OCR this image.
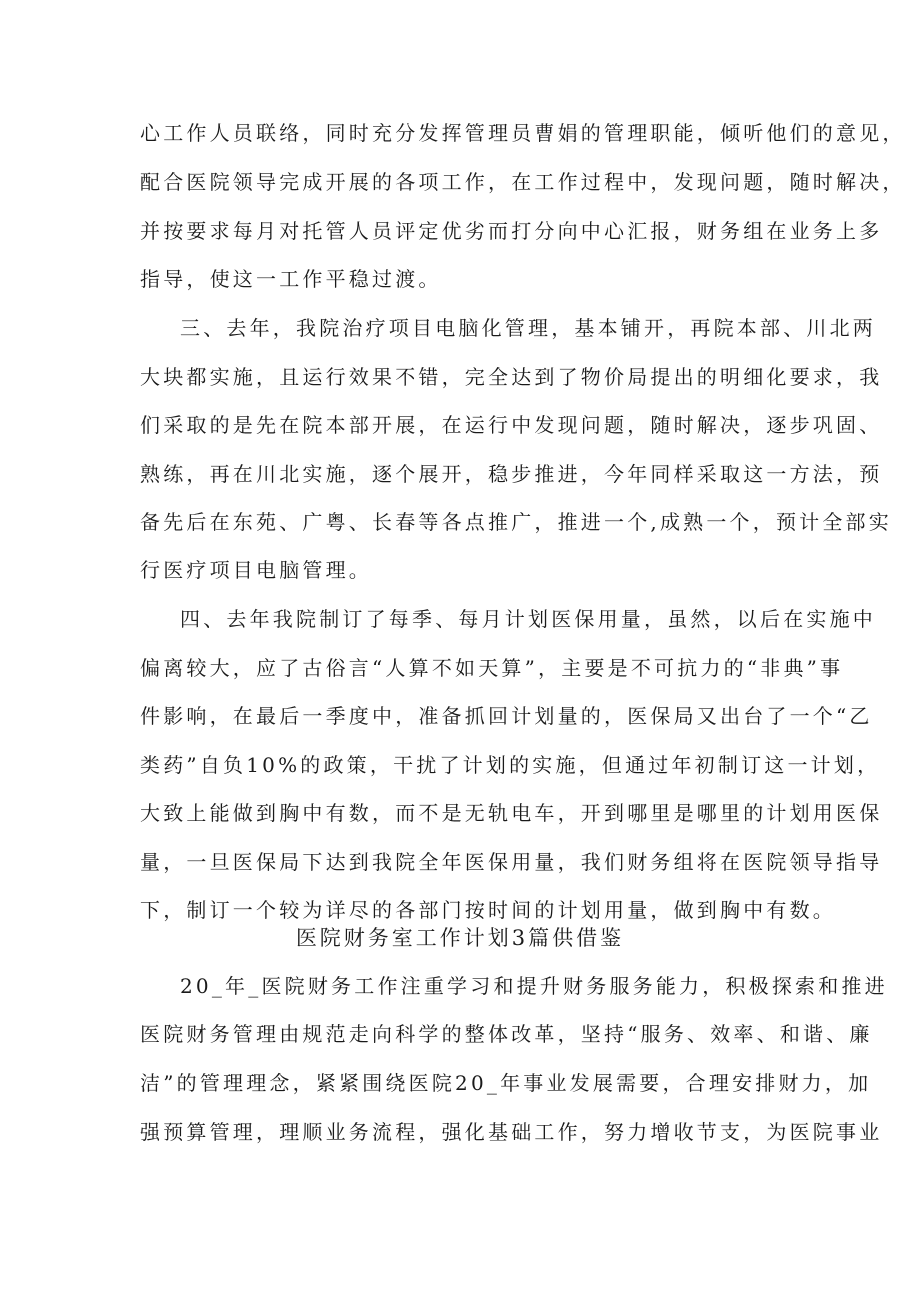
心工作人员联络，同时充分发挥管理员曹娟的管理职能，倾听他们的意见，
配合医院领导完成开展的各项工作，在工作过程中，发现问题，随时解决，
并按要求每月对托管人员评定优劣而打分向中心汇报，财务组在业务上多
指导，使这一工作平稳过渡。
三、去年，我院治疗项目电脑化管理，基本铺开，再院本部、川北两
大块都实施，且运行效果不错，完全达到了物价局提出的明细化要求，我
们采取的是先在院本部开展，在运行中发现问题，随时解决，逐步巩固、
熟练，再在川北实施，逐个展开，稳步推进，今年同样采取这一方法，预
备先后在东苑、广粤、长春等各点推广，推进一个,成熟一个，预计全部实
行医疗项目电脑管理。
四、去年我院制订了每季、每月计划医保用量，虽然，以后在实施中
偏离较大，应了古俗言“人算不如天算”，主要是不可抗力的“非典”事
件影响，在最后一季度中，准备抓回计划量的，医保局又出台了一个“乙
类药”自负10%的政策，干扰了计划的实施，但通过年初制订这一计划，
大致上能做到胸中有数，而不是无轨电车，开到哪里是哪里的计划用医保
量，一旦医保局下达到我院全年医保用量，我们财务组将在医院领导指导
下，制订一个较为详尽的各部门按时间的计划用量，做到胸中有数。
医院财务室工作计划3篇供借鉴
20_年_医院财务工作注重学习和提升财务服务能力，积极探索和推进
医院财务管理由规范走向科学的整体改革，坚持“服务、效率、和谐、廉
洁”的管理理念，紧紧围绕医院20_年事业发展需要，合理安排财力，加
强预算管理，理顺业务流程，强化基础工作，努力增收节支，为医院事业
